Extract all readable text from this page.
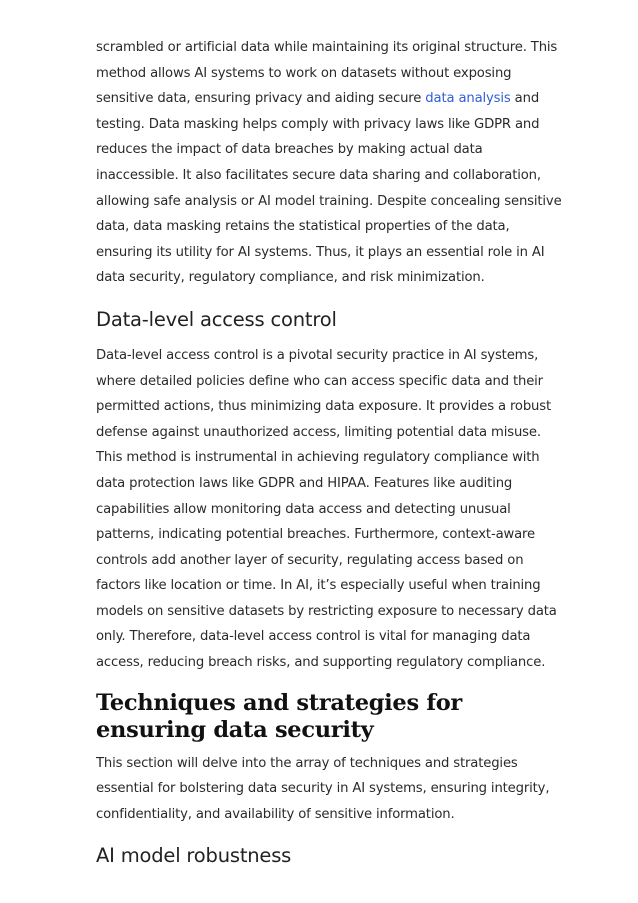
scrambled or artificial data while maintaining its original structure. This method allows AI systems to work on datasets without exposing sensitive data, ensuring privacy and aiding secure data analysis and testing. Data masking helps comply with privacy laws like GDPR and reduces the impact of data breaches by making actual data inaccessible. It also facilitates secure data sharing and collaboration, allowing safe analysis or AI model training. Despite concealing sensitive data, data masking retains the statistical properties of the data, ensuring its utility for AI systems. Thus, it plays an essential role in AI data security, regulatory compliance, and risk minimization.

Data-level access control

Data-level access control is a pivotal security practice in AI systems, where detailed policies define who can access specific data and their permitted actions, thus minimizing data exposure. It provides a robust defense against unauthorized access, limiting potential data misuse. This method is instrumental in achieving regulatory compliance with data protection laws like GDPR and HIPAA. Features like auditing capabilities allow monitoring data access and detecting unusual patterns, indicating potential breaches. Furthermore, context-aware controls add another layer of security, regulating access based on factors like location or time. In AI, it’s especially useful when training models on sensitive datasets by restricting exposure to necessary data only. Therefore, data-level access control is vital for managing data access, reducing breach risks, and supporting regulatory compliance.

Techniques and strategies for ensuring data security

This section will delve into the array of techniques and strategies essential for bolstering data security in AI systems, ensuring integrity, confidentiality, and availability of sensitive information.

AI model robustness
